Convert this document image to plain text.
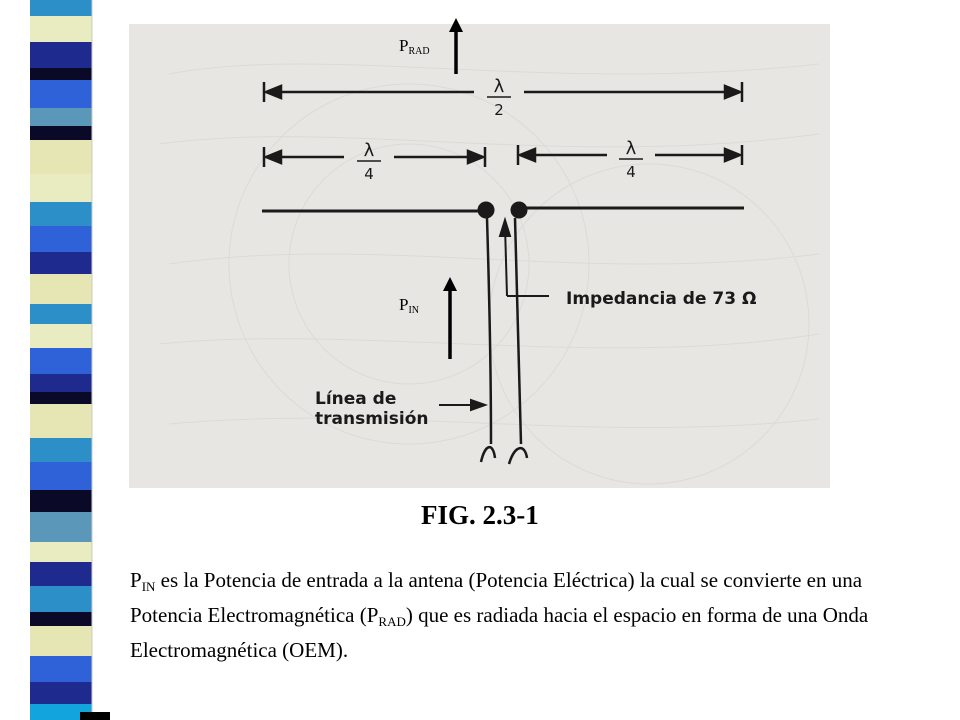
λ
2
λ
4
λ
4
Impedancia de 73 Ω
Línea de
transmisión
$P_{RAD}$
$P_{IN}$
FIG. 2.3-1
$P_{IN}$ es la Potencia de entrada a la antena (Potencia Eléctrica) la cual se convierte en una Potencia Electromagnética $(P_{RAD})$ que es radiada hacia el espacio en forma de una Onda Electromagnética (OEM).
